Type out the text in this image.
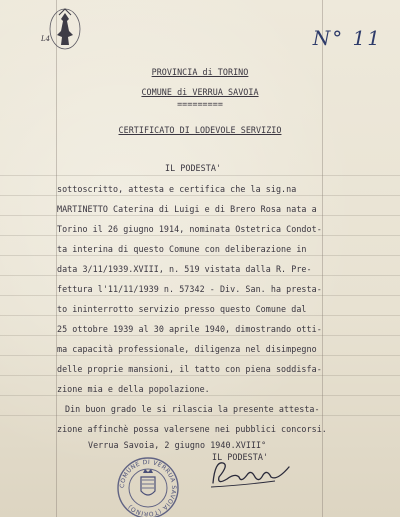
L4	N° 11
PROVINCIA di TORINO
COMUNE di VERRUA SAVOIA
=========
CERTIFICATO DI LODEVOLE SERVIZIO
IL PODESTA'
sottoscritto, attesta e certifica che la sig.na
MARTINETTO Caterina di Luigi e di Brero Rosa nata a
Torino il 26 giugno 1914, nominata Ostetrica Condot-
ta interina di questo Comune con deliberazione in
data 3/11/1939.XVIII, n. 519 vistata dalla R. Pre-
fettura l'11/11/1939 n. 57342 - Div. San. ha presta-
to ininterrotto servizio presso questo Comune dal
25 ottobre 1939 al 30 aprile 1940, dimostrando otti-
ma capacità professionale, diligenza nel disimpegno
delle proprie mansioni, il tatto con piena soddisfa-
zione mia e della popolazione.
Din buon grado le si rilascia la presente attesta-
zione affinchè possa valersene nei pubblici concorsi.
Verrua Savoia, 2 giugno 1940.XVIII°
IL PODESTA'
COMUNE DI VERRUA SAVOIA (TORINO)
